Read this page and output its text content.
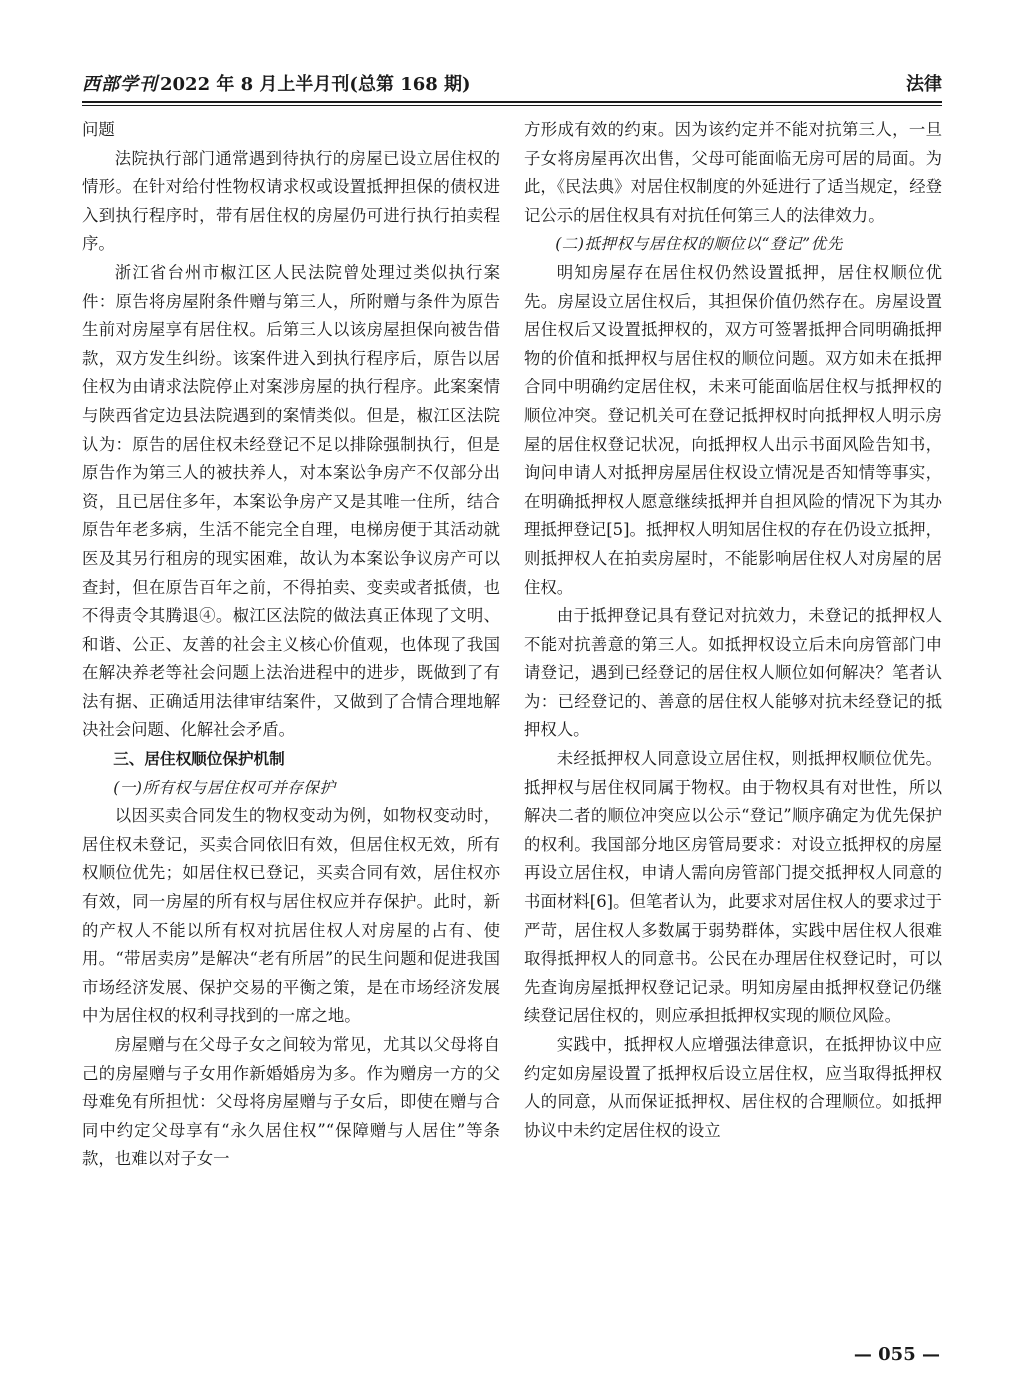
西部学刊 2022 年 8 月上半月刊(总第 168 期)	法律

问题

法院执行部门通常遇到待执行的房屋已设立居住权的情形。在针对给付性物权请求权或设置抵押担保的债权进入到执行程序时，带有居住权的房屋仍可进行执行拍卖程序。

浙江省台州市椒江区人民法院曾处理过类似执行案件：原告将房屋附条件赠与第三人，所附赠与条件为原告生前对房屋享有居住权。后第三人以该房屋担保向被告借款，双方发生纠纷。该案件进入到执行程序后，原告以居住权为由请求法院停止对案涉房屋的执行程序。此案案情与陕西省定边县法院遇到的案情类似。但是，椒江区法院认为：原告的居住权未经登记不足以排除强制执行，但是原告作为第三人的被扶养人，对本案讼争房产不仅部分出资，且已居住多年，本案讼争房产又是其唯一住所，结合原告年老多病，生活不能完全自理，电梯房便于其活动就医及其另行租房的现实困难，故认为本案讼争议房产可以查封，但在原告百年之前，不得拍卖、变卖或者抵债，也不得责令其腾退④。椒江区法院的做法真正体现了文明、和谐、公正、友善的社会主义核心价值观，也体现了我国在解决养老等社会问题上法治进程中的进步，既做到了有法有据、正确适用法律审结案件，又做到了合情合理地解决社会问题、化解社会矛盾。

三、居住权顺位保护机制

(一)所有权与居住权可并存保护

以因买卖合同发生的物权变动为例，如物权变动时，居住权未登记，买卖合同依旧有效，但居住权无效，所有权顺位优先；如居住权已登记，买卖合同有效，居住权亦有效，同一房屋的所有权与居住权应并存保护。此时，新的产权人不能以所有权对抗居住权人对房屋的占有、使用。“带居卖房”是解决“老有所居”的民生问题和促进我国市场经济发展、保护交易的平衡之策，是在市场经济发展中为居住权的权利寻找到的一席之地。

房屋赠与在父母子女之间较为常见，尤其以父母将自己的房屋赠与子女用作新婚婚房为多。作为赠房一方的父母难免有所担忧：父母将房屋赠与子女后，即使在赠与合同中约定父母享有“永久居住权”“保障赠与人居住”等条款，也难以对子女一

方形成有效的约束。因为该约定并不能对抗第三人，一旦子女将房屋再次出售，父母可能面临无房可居的局面。为此，《民法典》对居住权制度的外延进行了适当规定，经登记公示的居住权具有对抗任何第三人的法律效力。

(二)抵押权与居住权的顺位以“登记”优先

明知房屋存在居住权仍然设置抵押，居住权顺位优先。房屋设立居住权后，其担保价值仍然存在。房屋设置居住权后又设置抵押权的，双方可签署抵押合同明确抵押物的价值和抵押权与居住权的顺位问题。双方如未在抵押合同中明确约定居住权，未来可能面临居住权与抵押权的顺位冲突。登记机关可在登记抵押权时向抵押权人明示房屋的居住权登记状况，向抵押权人出示书面风险告知书，询问申请人对抵押房屋居住权设立情况是否知情等事实，在明确抵押权人愿意继续抵押并自担风险的情况下为其办理抵押登记[5]。抵押权人明知居住权的存在仍设立抵押，则抵押权人在拍卖房屋时，不能影响居住权人对房屋的居住权。

由于抵押登记具有登记对抗效力，未登记的抵押权人不能对抗善意的第三人。如抵押权设立后未向房管部门申请登记，遇到已经登记的居住权人顺位如何解决？笔者认为：已经登记的、善意的居住权人能够对抗未经登记的抵押权人。

未经抵押权人同意设立居住权，则抵押权顺位优先。抵押权与居住权同属于物权。由于物权具有对世性，所以解决二者的顺位冲突应以公示“登记”顺序确定为优先保护的权利。我国部分地区房管局要求：对设立抵押权的房屋再设立居住权，申请人需向房管部门提交抵押权人同意的书面材料[6]。但笔者认为，此要求对居住权人的要求过于严苛，居住权人多数属于弱势群体，实践中居住权人很难取得抵押权人的同意书。公民在办理居住权登记时，可以先查询房屋抵押权登记记录。明知房屋由抵押权登记仍继续登记居住权的，则应承担抵押权实现的顺位风险。

实践中，抵押权人应增强法律意识，在抵押协议中应约定如房屋设置了抵押权后设立居住权，应当取得抵押权人的同意，从而保证抵押权、居住权的合理顺位。如抵押协议中未约定居住权的设立

— 055 —
